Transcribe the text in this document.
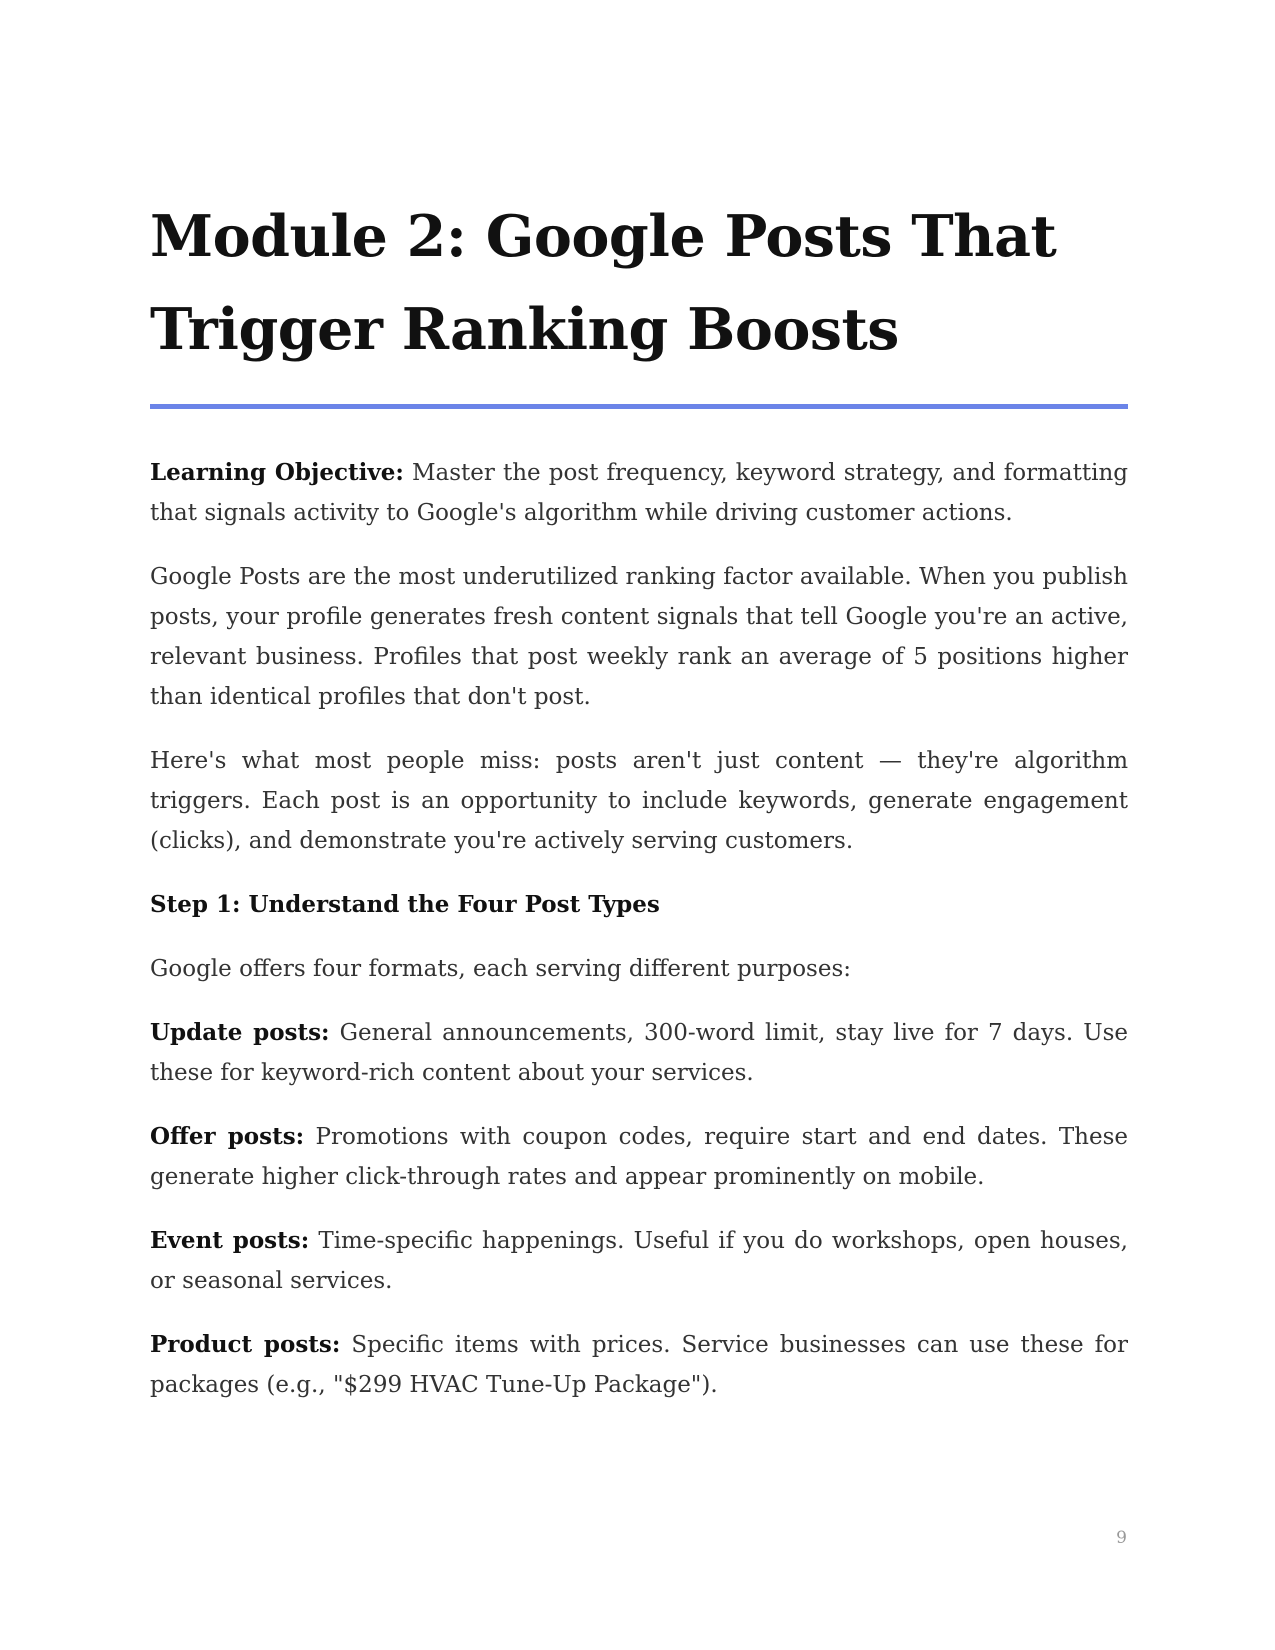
Module 2: Google Posts That Trigger Ranking Boosts

Learning Objective: Master the post frequency, keyword strategy, and formatting that signals activity to Google's algorithm while driving customer actions.

Google Posts are the most underutilized ranking factor available. When you publish posts, your profile generates fresh content signals that tell Google you're an active, relevant business. Profiles that post weekly rank an average of 5 positions higher than identical profiles that don't post.

Here's what most people miss: posts aren't just content — they're algorithm triggers. Each post is an opportunity to include keywords, generate engagement (clicks), and demonstrate you're actively serving customers.

Step 1: Understand the Four Post Types

Google offers four formats, each serving different purposes:

Update posts: General announcements, 300-word limit, stay live for 7 days. Use these for keyword-rich content about your services.

Offer posts: Promotions with coupon codes, require start and end dates. These generate higher click-through rates and appear prominently on mobile.

Event posts: Time-specific happenings. Useful if you do workshops, open houses, or seasonal services.

Product posts: Specific items with prices. Service businesses can use these for packages (e.g., "$299 HVAC Tune-Up Package").

9
